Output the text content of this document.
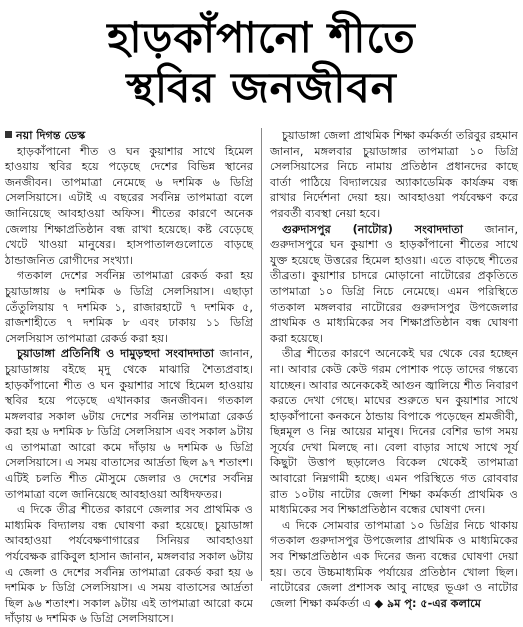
হাড়কাঁপানো শীতে
স্থবির জনজীবন

নয়া দিগন্ত ডেস্ক

হাড়কাঁপানো শীত ও ঘন কুয়াশার সাথে হিমেল হাওয়ায় স্থবির হয়ে পড়েছে দেশের বিভিন্ন স্থানের জনজীবন। তাপমাত্রা নেমেছে ৬ দশমিক ৬ ডিগ্রি সেলসিয়াসে। এটাই এ বছরের সর্বনিম্ন তাপমাত্রা বলে জানিয়েছে আবহাওয়া অফিস। শীতের কারণে অনেক জেলায় শিক্ষাপ্রতিষ্ঠান বন্ধ রাখা হয়েছে। কষ্ট বেড়েছে খেটে খাওয়া মানুষের। হাসপাতালগুলোতে বাড়ছে ঠান্ডাজনিত রোগীদের সংখ্যা।

গতকাল দেশের সর্বনিম্ন তাপমাত্রা রেকর্ড করা হয় চুয়াডাঙ্গায় ৬ দশমিক ৬ ডিগ্রি সেলসিয়াস। এছাড়া তেঁতুলিয়ায় ৭ দশমিক ১, রাজারহাটে ৭ দশমিক ৫, রাজশাহীতে ৭ দশমিক ৮ এবং ঢাকায় ১১ ডিগ্রি সেলসিয়াস তাপমাত্রা রেকর্ড করা হয়।

চুয়াডাঙ্গা প্রতিনিধি ও দামুড়হুদা সংবাদদাতা জানান, চুয়াডাঙ্গায় বইছে মৃদু থেকে মাঝারি শৈত্যপ্রবাহ। হাড়কাঁপানো শীত ও ঘন কুয়াশার সাথে হিমেল হাওয়ায় স্থবির হয়ে পড়েছে এখানকার জনজীবন। গতকাল মঙ্গলবার সকাল ৬টায় দেশের সর্বনিম্ন তাপমাত্রা রেকর্ড করা হয় ৬ দশমিক ৮ ডিগ্রি সেলসিয়াস এবং সকাল ৯টায় এ তাপমাত্রা আরো কমে দাঁড়ায় ৬ দশমিক ৬ ডিগ্রি সেলসিয়াসে। এ সময় বাতাসের আর্দ্রতা ছিল ৯৭ শতাংশ। এটিই চলতি শীত মৌসুমে জেলার ও দেশের সর্বনিম্ন তাপমাত্রা বলে জানিয়েছে আবহাওয়া অধিদফতর।

এ দিকে তীব্র শীতের কারণে জেলার সব প্রাথমিক ও মাধ্যমিক বিদ্যালয় বন্ধ ঘোষণা করা হয়েছে। চুয়াডাঙ্গা আবহাওয়া পর্যবেক্ষণাগারের সিনিয়র আবহাওয়া পর্যবেক্ষক রাকিবুল হাসান জানান, মঙ্গলবার সকাল ৬টায় এ জেলা ও দেশের সর্বনিম্ন তাপমাত্রা রেকর্ড করা হয় ৬ দশমিক ৮ ডিগ্রি সেলসিয়াস। এ সময় বাতাসের আর্দ্রতা ছিল ৯৬ শতাংশ। সকাল ৯টায় এই তাপমাত্রা আরো কমে দাঁড়ায় ৬ দশমিক ৬ ডিগ্রি সেলসিয়াসে।

চুয়াডাঙ্গা জেলা প্রাথমিক শিক্ষা কর্মকর্তা তরিবুর রহমান জানান, মঙ্গলবার চুয়াডাঙ্গার তাপমাত্রা ১০ ডিগ্রি সেলসিয়াসের নিচে নামায় প্রতিষ্ঠান প্রধানদের কাছে বার্তা পাঠিয়ে বিদ্যালয়ের অ্যাকাডেমিক কার্যক্রম বন্ধ রাখার নির্দেশনা দেয়া হয়। আবহাওয়া পর্যবেক্ষণ করে পরবর্তী ব্যবস্থা নেয়া হবে।

গুরুদাসপুর (নাটোর) সংবাদদাতা জানান, গুরুদাসপুরে ঘন কুয়াশা ও হাড়কাঁপানো শীতের সাথে যুক্ত হয়েছে উত্তরের হিমেল হাওয়া। এতে বাড়ছে শীতের তীব্রতা। কুয়াশার চাদরে মোড়ানো নাটোরের প্রকৃতিতে তাপমাত্রা ১০ ডিগ্রি নিচে নেমেছে। এমন পরিস্থিতে গতকাল মঙ্গলবার নাটোরের গুরুদাসপুর উপজেলার প্রাথমিক ও মাধ্যমিকের সব শিক্ষাপ্রতিষ্ঠান বন্ধ ঘোষণা করা হয়েছে।

তীব্র শীতের কারণে অনেকেই ঘর থেকে বের হচ্ছেন না। আবার কেউ কেউ গরম পোশাক পড়ে তাদের গন্তব্যে যাচ্ছেন। আবার অনেককেই আগুন জ্বালিয়ে শীত নিবারণ করতে দেখা গেছে। মাঘের শুরুতে ঘন কুয়াশার সাথে হাড়কাঁপানো কনকনে ঠান্ডায় বিপাকে পড়েছেন শ্রমজীবী, ছিন্নমূল ও নিম্ন আয়ের মানুষ। দিনের বেশির ভাগ সময় সূর্যের দেখা মিলছে না। বেলা বাড়ার সাথে সাথে সূর্য কিছুটা উত্তাপ ছড়ালেও বিকেল থেকেই তাপমাত্রা আবারো নিম্নগামী হচ্ছে। এমন পরিস্থিতে গত রোববার রাত ১০টায় নাটোর জেলা শিক্ষা কর্মকর্তা প্রাথমিক ও মাধ্যমিকের সব শিক্ষাপ্রতিষ্ঠান বন্ধের ঘোষণা দেন।

এ দিকে সোমবার তাপমাত্রা ১০ ডিগ্রির নিচে থাকায় গতকাল গুরুদাসপুর উপজেলার প্রাথমিক ও মাধ্যমিকের সব শিক্ষাপ্রতিষ্ঠান এক দিনের জন্য বন্ধের ঘোষণা দেয়া হয়। তবে উচ্চমাধ্যমিক পর্যায়ের প্রতিষ্ঠান খোলা ছিল। নাটোরের জেলা প্রশাসক আবু নাছের ভূঞা ও নাটোর জেলা শিক্ষা কর্মকর্তা এ ◆ ৯ম পৃ: ৫-এর কলামে
